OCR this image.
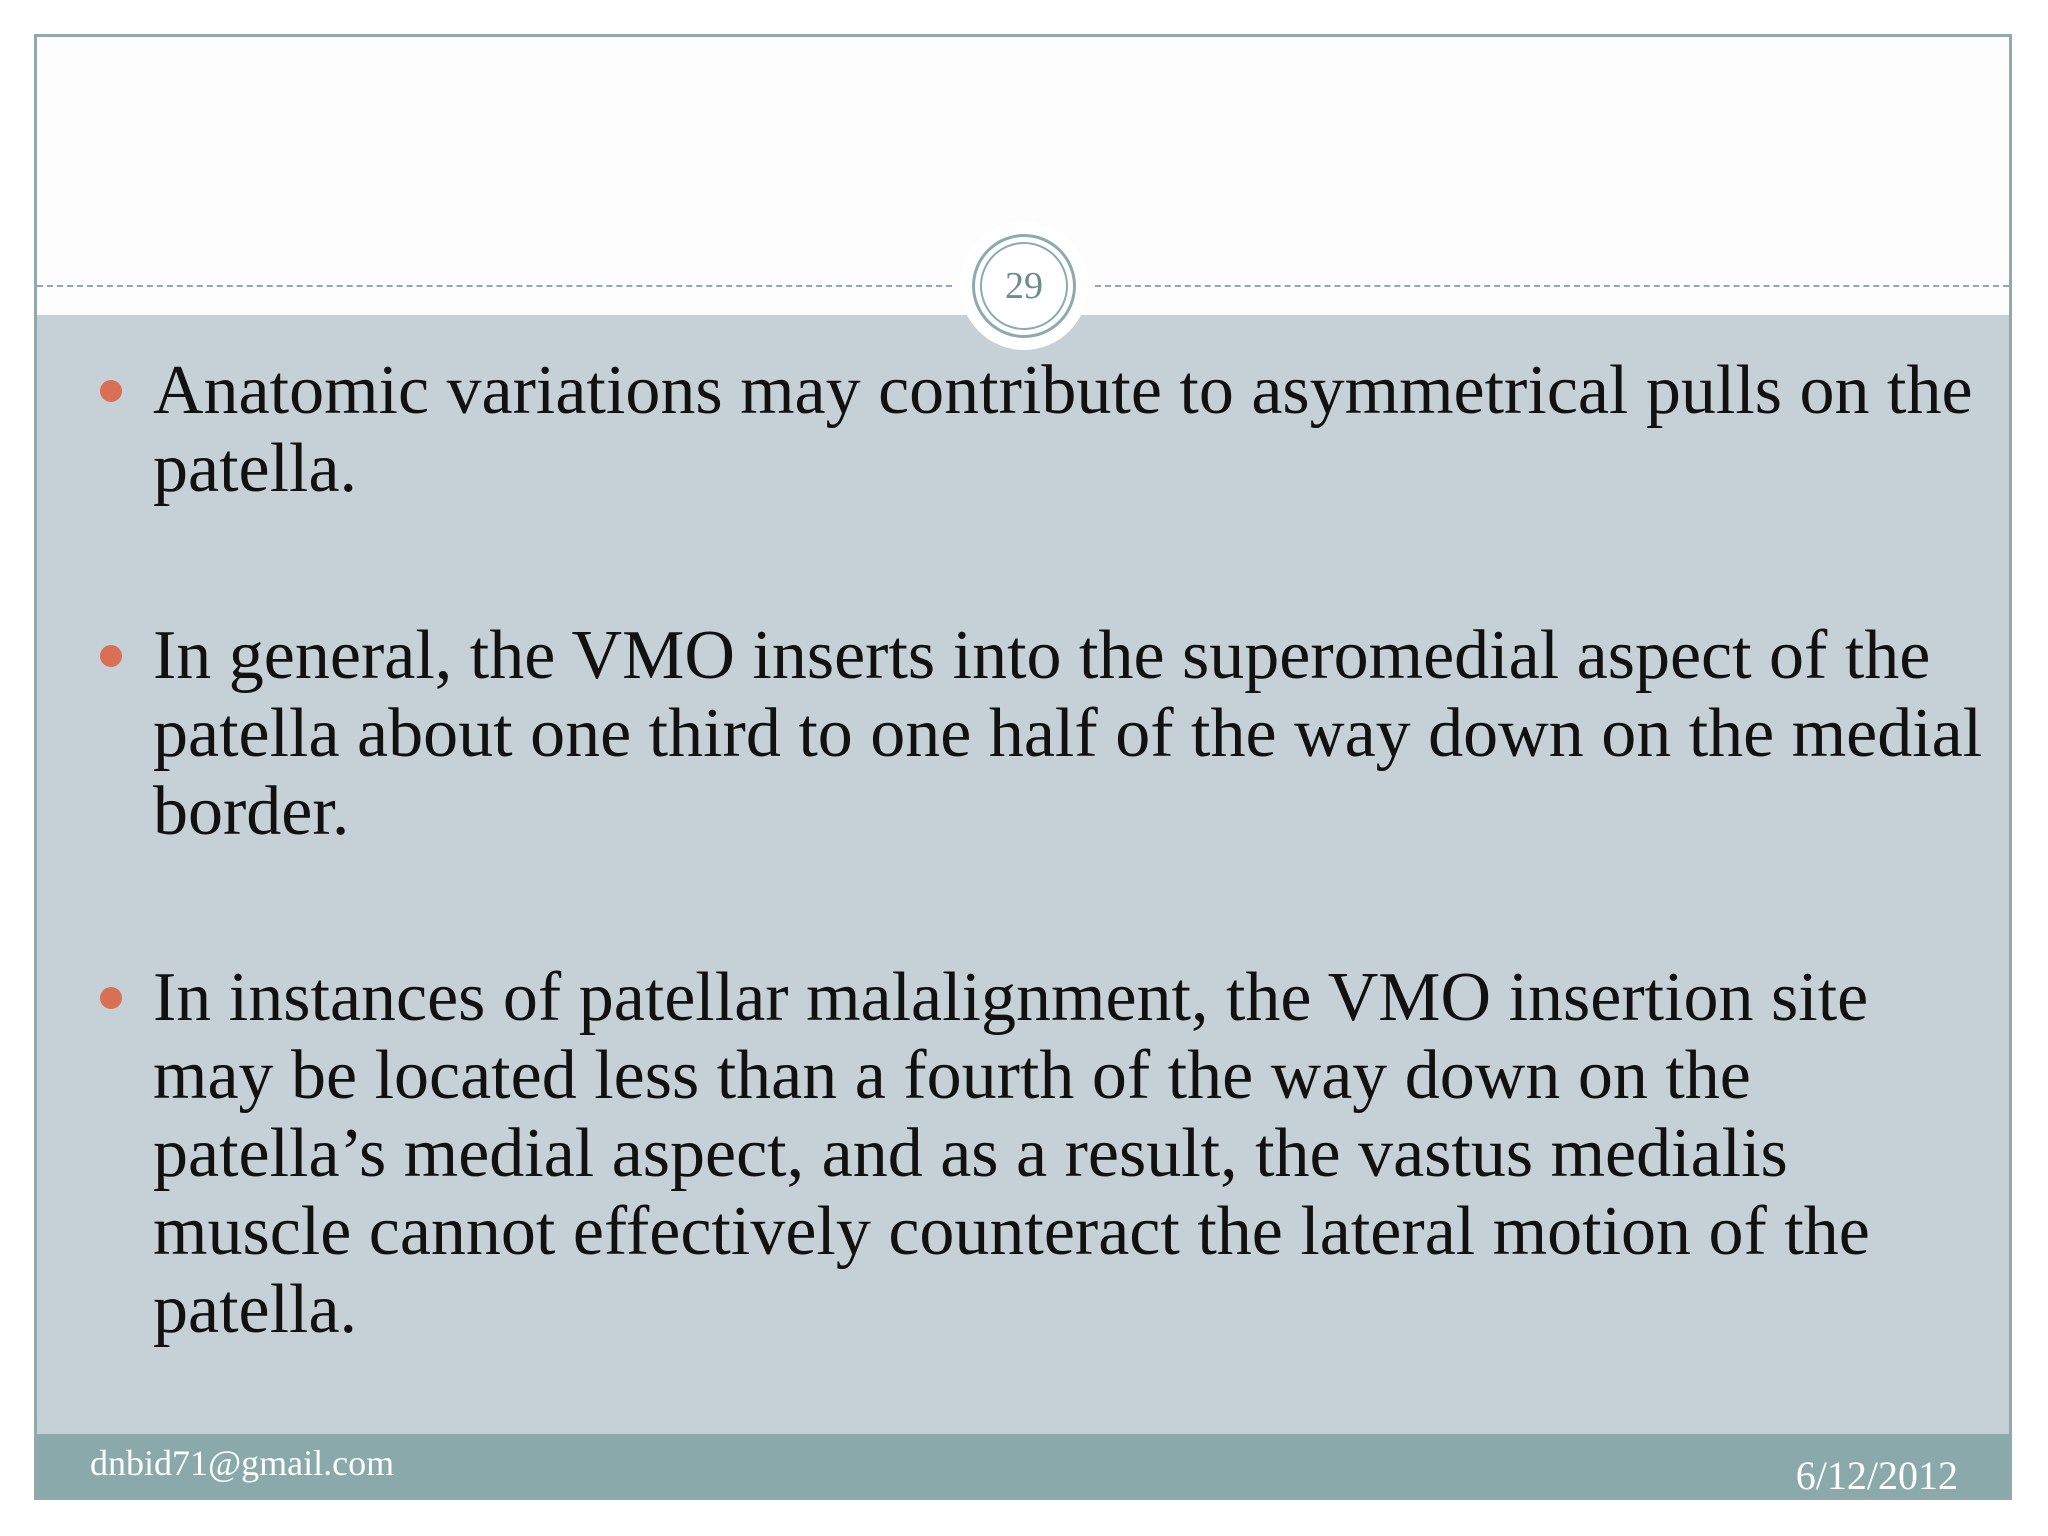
29
Anatomic variations may contribute to asymmetrical pulls on the patella.
In general, the VMO inserts into the superomedial aspect of the patella about one third to one half of the way down on the medial border.
In instances of patellar malalignment, the VMO insertion site may be located less than a fourth of the way down on the patella’s medial aspect, and as a result, the vastus medialis muscle cannot effectively counteract the lateral motion of the patella.
dnbid71@gmail.com	6/12/2012
